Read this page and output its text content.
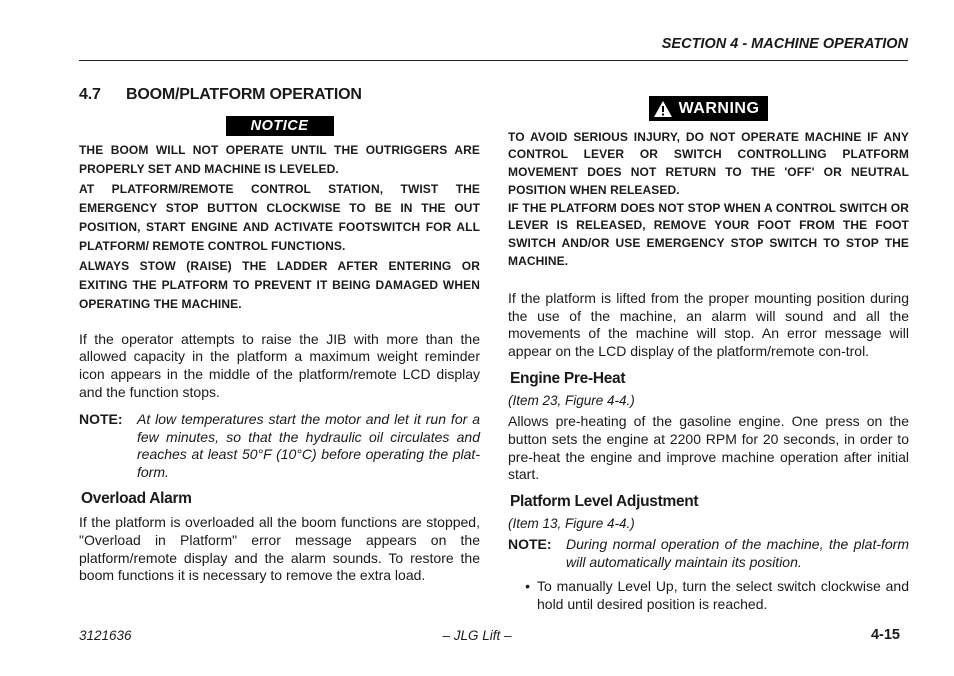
SECTION 4 - MACHINE OPERATION
4.7 BOOM/PLATFORM OPERATION
NOTICE

THE BOOM WILL NOT OPERATE UNTIL THE OUTRIGGERS ARE PROPERLY SET AND MACHINE IS LEVELED.

AT PLATFORM/REMOTE CONTROL STATION, TWIST THE EMERGENCY STOP BUTTON CLOCKWISE TO BE IN THE OUT POSITION, START ENGINE AND ACTIVATE FOOTSWITCH FOR ALL PLATFORM/ REMOTE CONTROL FUNCTIONS.

ALWAYS STOW (RAISE) THE LADDER AFTER ENTERING OR EXITING THE PLATFORM TO PREVENT IT BEING DAMAGED WHEN OPERATING THE MACHINE.

If the operator attempts to raise the JIB with more than the allowed capacity in the platform a maximum weight reminder icon appears in the middle of the platform/remote LCD display and the function stops.

NOTE:	At low temperatures start the motor and let it run for a few minutes, so that the hydraulic oil circulates and reaches at least 50°F (10°C) before operating the plat-form.
Overload Alarm

If the platform is overloaded all the boom functions are stopped, "Overload in Platform" error message appears on the platform/remote display and the alarm sounds. To restore the boom functions it is necessary to remove the extra load.

WARNING

TO AVOID SERIOUS INJURY, DO NOT OPERATE MACHINE IF ANY CONTROL LEVER OR SWITCH CONTROLLING PLATFORM MOVEMENT DOES NOT RETURN TO THE 'OFF' OR NEUTRAL POSITION WHEN RELEASED.

IF THE PLATFORM DOES NOT STOP WHEN A CONTROL SWITCH OR LEVER IS RELEASED, REMOVE YOUR FOOT FROM THE FOOT SWITCH AND/OR USE EMERGENCY STOP SWITCH TO STOP THE MACHINE.

If the platform is lifted from the proper mounting position during the use of the machine, an alarm will sound and all the movements of the machine will stop. An error message will appear on the LCD display of the platform/remote con-trol.

Engine Pre-Heat

(Item 23, Figure 4-4.)

Allows pre-heating of the gasoline engine. One press on the button sets the engine at 2200 RPM for 20 seconds, in order to pre-heat the engine and improve machine operation after initial start.

Platform Level Adjustment

(Item 13, Figure 4-4.)

NOTE:	During normal operation of the machine, the plat-form will automatically maintain its position.
• To manually Level Up, turn the select switch clockwise and hold until desired position is reached.
3121636	– JLG Lift –	4-15
